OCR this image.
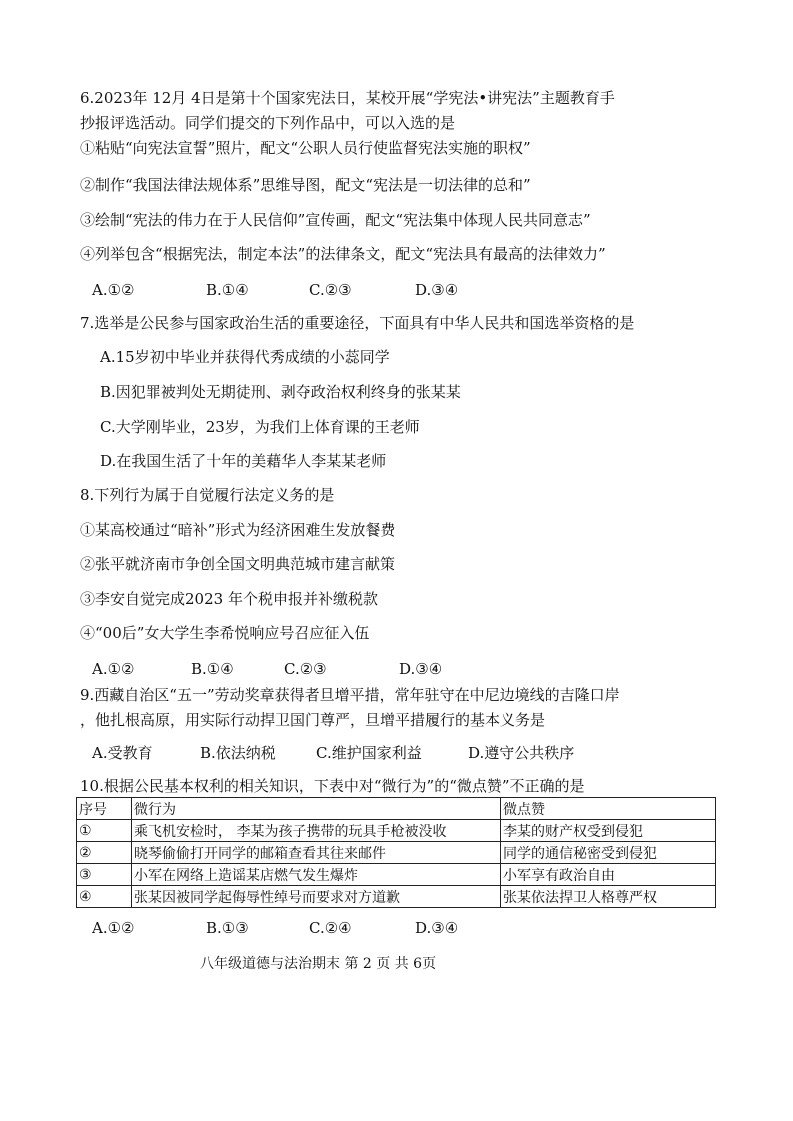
6.2023年 12月 4日是第十个国家宪法日，某校开展“学宪法•讲宪法”主题教育手
抄报评选活动。同学们提交的下列作品中，可以入选的是
①粘贴“向宪法宣誓”照片，配文“公职人员行使监督宪法实施的职权”
②制作“我国法律法规体系”思维导图，配文“宪法是一切法律的总和”
③绘制“宪法的伟力在于人民信仰”宣传画，配文“宪法集中体现人民共同意志”
④列举包含“根据宪法，制定本法”的法律条文，配文“宪法具有最高的法律效力”
A.①②	B.①④	C.②③	D.③④
7.选举是公民参与国家政治生活的重要途径，下面具有中华人民共和国选举资格的是
A.15岁初中毕业并获得代秀成绩的小蕊同学
B.因犯罪被判处无期徒刑、剥夺政治权利终身的张某某
C.大学刚毕业，23岁，为我们上体育课的王老师
D.在我国生活了十年的美藉华人李某某老师
8.下列行为属于自觉履行法定义务的是
①某高校通过“暗补”形式为经济困难生发放餐费
②张平就济南市争创全国文明典范城市建言献策
③李安自觉完成2023 年个税申报并补缴税款
④“00后”女大学生李希悦响应号召应征入伍
A.①②	B.①④	C.②③	D.③④
9.西藏自治区“五一”劳动奖章获得者旦增平措，常年驻守在中尼边境线的吉隆口岸
，他扎根高原，用实际行动捍卫国门尊严，旦增平措履行的基本义务是
A.受教育	B.依法纳税	C.维护国家利益	D.遵守公共秩序
10.根据公民基本权利的相关知识，下表中对“微行为”的“微点赞”不正确的是
序号	微行为	微点赞
①	乘飞机安检时， 李某为孩子携带的玩具手枪被没收	李某的财产权受到侵犯
②	晓琴偷偷打开同学的邮箱查看其往来邮件	同学的通信秘密受到侵犯
③	小军在网络上造谣某店燃气发生爆炸	小军享有政治自由
④	张某因被同学起侮辱性绰号而要求对方道歉	张某依法捍卫人格尊严权
A.①②	B.①③	C.②④	D.③④
八年级道德与法治期末 第 2 页 共 6页
